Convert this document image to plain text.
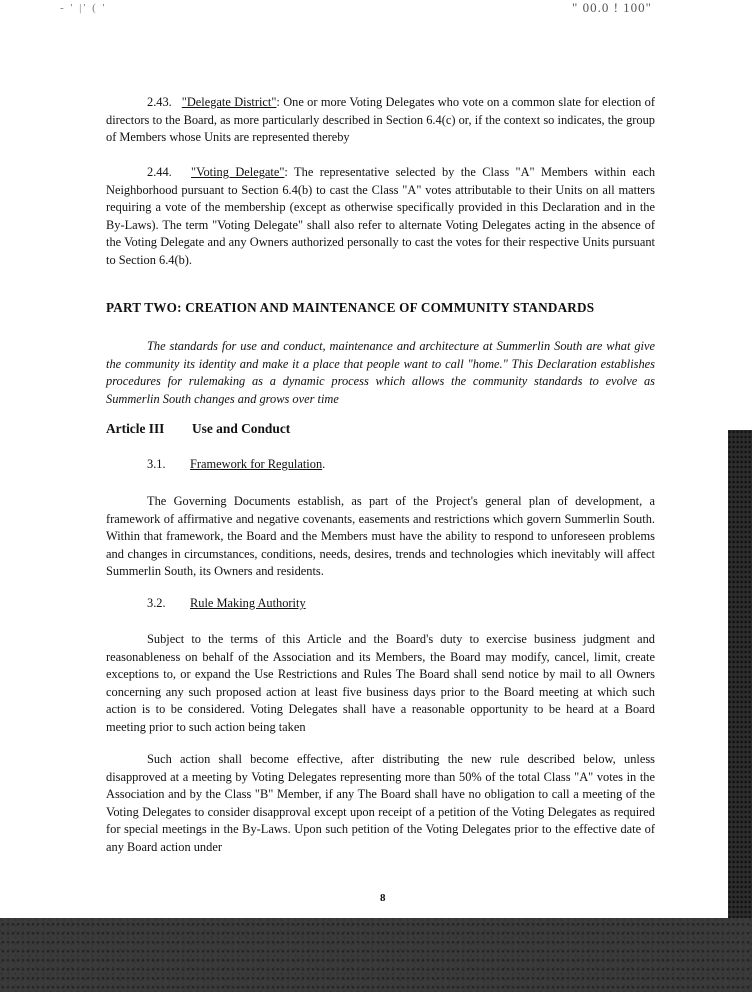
- ' |' ( '	" 00.0 ! 100"

2.43. "Delegate District": One or more Voting Delegates who vote on a common slate for election of directors to the Board, as more particularly described in Section 6.4(c) or, if the context so indicates, the group of Members whose Units are represented thereby

2.44. "Voting Delegate": The representative selected by the Class "A" Members within each Neighborhood pursuant to Section 6.4(b) to cast the Class "A" votes attributable to their Units on all matters requiring a vote of the membership (except as otherwise specifically provided in this Declaration and in the By-Laws). The term "Voting Delegate" shall also refer to alternate Voting Delegates acting in the absence of the Voting Delegate and any Owners authorized personally to cast the votes for their respective Units pursuant to Section 6.4(b).

PART TWO: CREATION AND MAINTENANCE OF COMMUNITY STANDARDS

The standards for use and conduct, maintenance and architecture at Summerlin South are what give the community its identity and make it a place that people want to call "home." This Declaration establishes procedures for rulemaking as a dynamic process which allows the community standards to evolve as Summerlin South changes and grows over time

Article III Use and Conduct
3.1. Framework for Regulation.

The Governing Documents establish, as part of the Project's general plan of development, a framework of affirmative and negative covenants, easements and restrictions which govern Summerlin South. Within that framework, the Board and the Members must have the ability to respond to unforeseen problems and changes in circumstances, conditions, needs, desires, trends and technologies which inevitably will affect Summerlin South, its Owners and residents.

3.2. Rule Making Authority

Subject to the terms of this Article and the Board's duty to exercise business judgment and reasonableness on behalf of the Association and its Members, the Board may modify, cancel, limit, create exceptions to, or expand the Use Restrictions and Rules The Board shall send notice by mail to all Owners concerning any such proposed action at least five business days prior to the Board meeting at which such action is to be considered. Voting Delegates shall have a reasonable opportunity to be heard at a Board meeting prior to such action being taken

Such action shall become effective, after distributing the new rule described below, unless disapproved at a meeting by Voting Delegates representing more than 50% of the total Class "A" votes in the Association and by the Class "B" Member, if any The Board shall have no obligation to call a meeting of the Voting Delegates to consider disapproval except upon receipt of a petition of the Voting Delegates as required for special meetings in the By-Laws. Upon such petition of the Voting Delegates prior to the effective date of any Board action under

8
